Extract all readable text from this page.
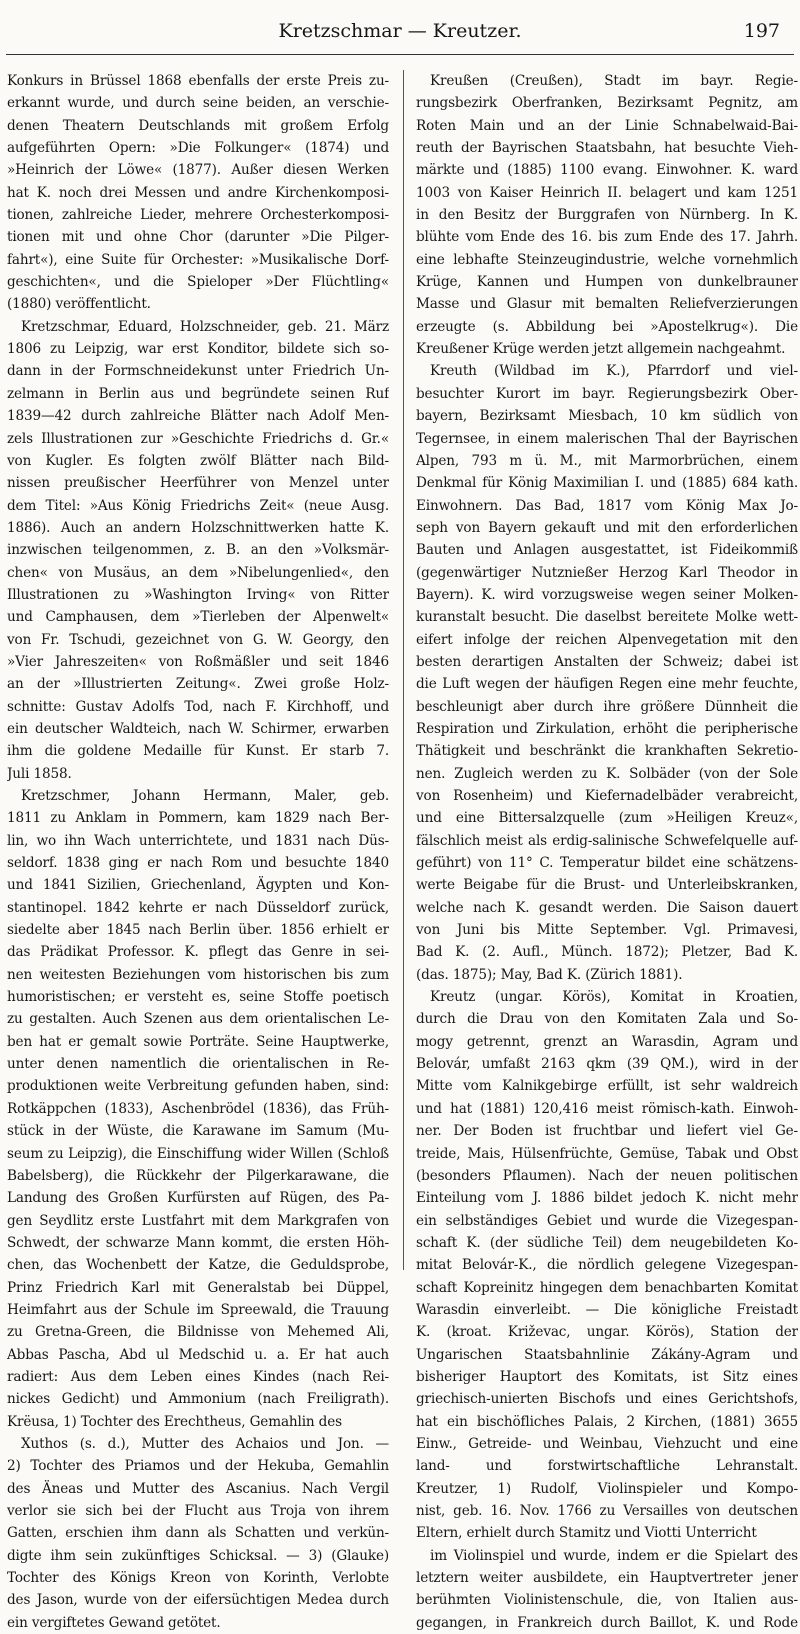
Kretzschmar — Kreutzer.	197
Konkurs in Brüssel 1868 ebenfalls der erste Preis zu-
erkannt wurde, und durch seine beiden, an verschie-
denen Theatern Deutschlands mit großem Erfolg
aufgeführten Opern: »Die Folkunger« (1874) und
»Heinrich der Löwe« (1877). Außer diesen Werken
hat K. noch drei Messen und andre Kirchenkomposi-
tionen, zahlreiche Lieder, mehrere Orchesterkomposi-
tionen mit und ohne Chor (darunter »Die Pilger-
fahrt«), eine Suite für Orchester: »Musikalische Dorf-
geschichten«, und die Spieloper »Der Flüchtling«
(1880) veröffentlicht.
Kretzschmar, Eduard, Holzschneider, geb. 21. März
1806 zu Leipzig, war erst Konditor, bildete sich so-
dann in der Formschneidekunst unter Friedrich Un-
zelmann in Berlin aus und begründete seinen Ruf
1839—42 durch zahlreiche Blätter nach Adolf Men-
zels Illustrationen zur »Geschichte Friedrichs d. Gr.«
von Kugler. Es folgten zwölf Blätter nach Bild-
nissen preußischer Heerführer von Menzel unter
dem Titel: »Aus König Friedrichs Zeit« (neue Ausg.
1886). Auch an andern Holzschnittwerken hatte K.
inzwischen teilgenommen, z. B. an den »Volksmär-
chen« von Musäus, an dem »Nibelungenlied«, den
Illustrationen zu »Washington Irving« von Ritter
und Camphausen, dem »Tierleben der Alpenwelt«
von Fr. Tschudi, gezeichnet von G. W. Georgy, den
»Vier Jahreszeiten« von Roßmäßler und seit 1846
an der »Illustrierten Zeitung«. Zwei große Holz-
schnitte: Gustav Adolfs Tod, nach F. Kirchhoff, und
ein deutscher Waldteich, nach W. Schirmer, erwarben
ihm die goldene Medaille für Kunst. Er starb 7.
Juli 1858.
Kretzschmer, Johann Hermann, Maler, geb.
1811 zu Anklam in Pommern, kam 1829 nach Ber-
lin, wo ihn Wach unterrichtete, und 1831 nach Düs-
seldorf. 1838 ging er nach Rom und besuchte 1840
und 1841 Sizilien, Griechenland, Ägypten und Kon-
stantinopel. 1842 kehrte er nach Düsseldorf zurück,
siedelte aber 1845 nach Berlin über. 1856 erhielt er
das Prädikat Professor. K. pflegt das Genre in sei-
nen weitesten Beziehungen vom historischen bis zum
humoristischen; er versteht es, seine Stoffe poetisch
zu gestalten. Auch Szenen aus dem orientalischen Le-
ben hat er gemalt sowie Porträte. Seine Hauptwerke,
unter denen namentlich die orientalischen in Re-
produktionen weite Verbreitung gefunden haben, sind:
Rotkäppchen (1833), Aschenbrödel (1836), das Früh-
stück in der Wüste, die Karawane im Samum (Mu-
seum zu Leipzig), die Einschiffung wider Willen (Schloß
Babelsberg), die Rückkehr der Pilgerkarawane, die
Landung des Großen Kurfürsten auf Rügen, des Pa-
gen Seydlitz erste Lustfahrt mit dem Markgrafen von
Schwedt, der schwarze Mann kommt, die ersten Höh-
chen, das Wochenbett der Katze, die Geduldsprobe,
Prinz Friedrich Karl mit Generalstab bei Düppel,
Heimfahrt aus der Schule im Spreewald, die Trauung
zu Gretna-Green, die Bildnisse von Mehemed Ali,
Abbas Pascha, Abd ul Medschid u. a. Er hat auch
radiert: Aus dem Leben eines Kindes (nach Rei-
nickes Gedicht) und Ammonium (nach Freiligrath).
Krëusa, 1) Tochter des Erechtheus, Gemahlin des
Xuthos (s. d.), Mutter des Achaios und Jon. —
2) Tochter des Priamos und der Hekuba, Gemahlin
des Äneas und Mutter des Ascanius. Nach Vergil
verlor sie sich bei der Flucht aus Troja von ihrem
Gatten, erschien ihm dann als Schatten und verkün-
digte ihm sein zukünftiges Schicksal. — 3) (Glauke)
Tochter des Königs Kreon von Korinth, Verlobte
des Jason, wurde von der eifersüchtigen Medea durch
ein vergiftetes Gewand getötet.
Kreußen (Creußen), Stadt im bayr. Regie-
rungsbezirk Oberfranken, Bezirksamt Pegnitz, am
Roten Main und an der Linie Schnabelwaid-Bai-
reuth der Bayrischen Staatsbahn, hat besuchte Vieh-
märkte und (1885) 1100 evang. Einwohner. K. ward
1003 von Kaiser Heinrich II. belagert und kam 1251
in den Besitz der Burggrafen von Nürnberg. In K.
blühte vom Ende des 16. bis zum Ende des 17. Jahrh.
eine lebhafte Steinzeugindustrie, welche vornehmlich
Krüge, Kannen und Humpen von dunkelbrauner
Masse und Glasur mit bemalten Reliefverzierungen
erzeugte (s. Abbildung bei »Apostelkrug«). Die
Kreußener Krüge werden jetzt allgemein nachgeahmt.
Kreuth (Wildbad im K.), Pfarrdorf und viel-
besuchter Kurort im bayr. Regierungsbezirk Ober-
bayern, Bezirksamt Miesbach, 10 km südlich von
Tegernsee, in einem malerischen Thal der Bayrischen
Alpen, 793 m ü. M., mit Marmorbrüchen, einem
Denkmal für König Maximilian I. und (1885) 684 kath.
Einwohnern. Das Bad, 1817 vom König Max Jo-
seph von Bayern gekauft und mit den erforderlichen
Bauten und Anlagen ausgestattet, ist Fideikommiß
(gegenwärtiger Nutznießer Herzog Karl Theodor in
Bayern). K. wird vorzugsweise wegen seiner Molken-
kuranstalt besucht. Die daselbst bereitete Molke wett-
eifert infolge der reichen Alpenvegetation mit den
besten derartigen Anstalten der Schweiz; dabei ist
die Luft wegen der häufigen Regen eine mehr feuchte,
beschleunigt aber durch ihre größere Dünnheit die
Respiration und Zirkulation, erhöht die peripherische
Thätigkeit und beschränkt die krankhaften Sekretio-
nen. Zugleich werden zu K. Solbäder (von der Sole
von Rosenheim) und Kiefernadelbäder verabreicht,
und eine Bittersalzquelle (zum »Heiligen Kreuz«,
fälschlich meist als erdig-salinische Schwefelquelle auf-
geführt) von 11° C. Temperatur bildet eine schätzens-
werte Beigabe für die Brust- und Unterleibskranken,
welche nach K. gesandt werden. Die Saison dauert
von Juni bis Mitte September. Vgl. Primavesi,
Bad K. (2. Aufl., Münch. 1872); Pletzer, Bad K.
(das. 1875); May, Bad K. (Zürich 1881).
Kreutz (ungar. Körös), Komitat in Kroatien,
durch die Drau von den Komitaten Zala und So-
mogy getrennt, grenzt an Warasdin, Agram und
Belovár, umfaßt 2163 qkm (39 QM.), wird in der
Mitte vom Kalnikgebirge erfüllt, ist sehr waldreich
und hat (1881) 120,416 meist römisch-kath. Einwoh-
ner. Der Boden ist fruchtbar und liefert viel Ge-
treide, Mais, Hülsenfrüchte, Gemüse, Tabak und Obst
(besonders Pflaumen). Nach der neuen politischen
Einteilung vom J. 1886 bildet jedoch K. nicht mehr
ein selbständiges Gebiet und wurde die Vizegespan-
schaft K. (der südliche Teil) dem neugebildeten Ko-
mitat Belovár-K., die nördlich gelegene Vizegespan-
schaft Kopreinitz hingegen dem benachbarten Komitat
Warasdin einverleibt. — Die königliche Freistadt
K. (kroat. Križevac, ungar. Körös), Station der
Ungarischen Staatsbahnlinie Zákány-Agram und
bisheriger Hauptort des Komitats, ist Sitz eines
griechisch-unierten Bischofs und eines Gerichtshofs,
hat ein bischöfliches Palais, 2 Kirchen, (1881) 3655
Einw., Getreide- und Weinbau, Viehzucht und eine
land- und forstwirtschaftliche Lehranstalt.
Kreutzer, 1) Rudolf, Violinspieler und Kompo-
nist, geb. 16. Nov. 1766 zu Versailles von deutschen
Eltern, erhielt durch Stamitz und Viotti Unterricht
im Violinspiel und wurde, indem er die Spielart des
letztern weiter ausbildete, ein Hauptvertreter jener
berühmten Violinistenschule, die, von Italien aus-
gegangen, in Frankreich durch Baillot, K. und Rode
